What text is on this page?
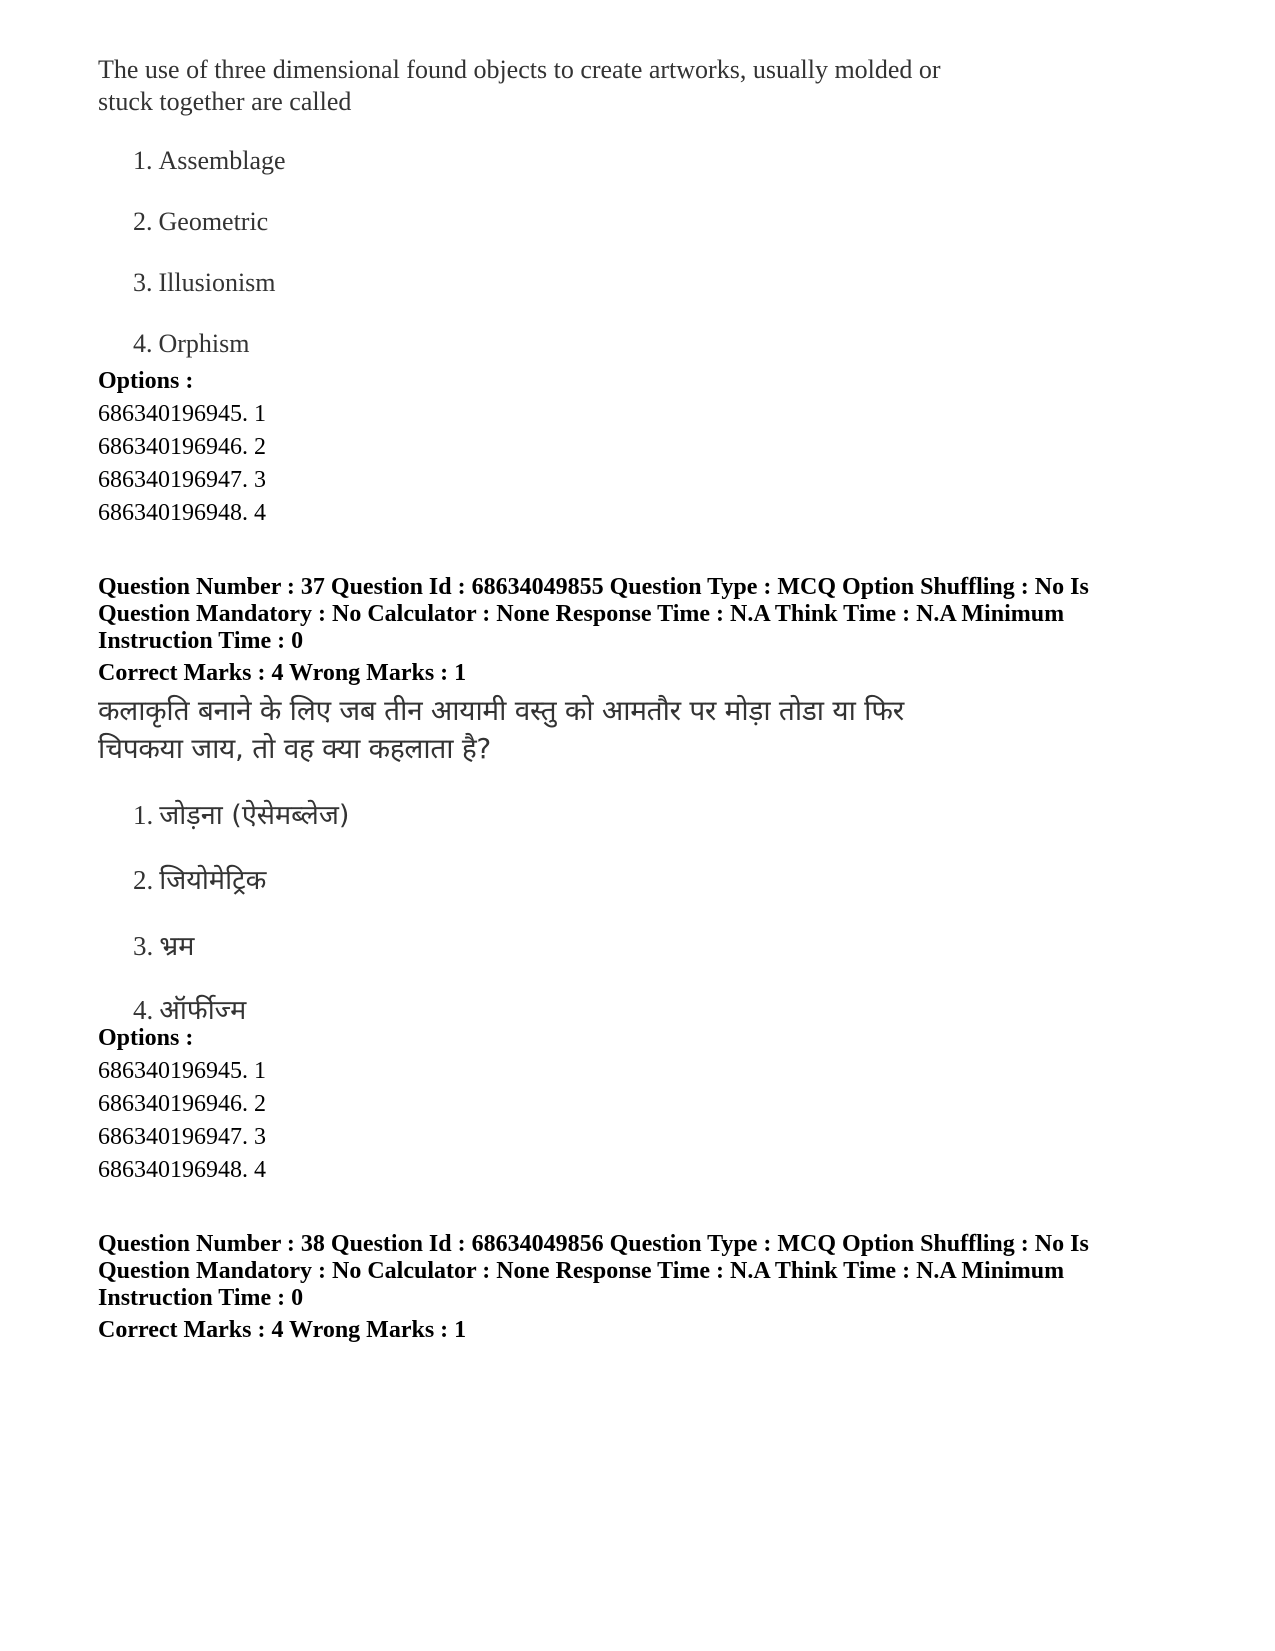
The use of three dimensional found objects to create artworks, usually molded or
stuck together are called
1. Assemblage
2. Geometric
3. Illusionism
4. Orphism
Options :
686340196945. 1
686340196946. 2
686340196947. 3
686340196948. 4
Question Number : 37 Question Id : 68634049855 Question Type : MCQ Option Shuffling : No Is
Question Mandatory : No Calculator : None Response Time : N.A Think Time : N.A Minimum
Instruction Time : 0
Correct Marks : 4 Wrong Marks : 1
कलाकृति बनाने के लिए जब तीन आयामी वस्तु को आमतौर पर मोड़ा तोडा या फिर
चिपकया जाय, तो वह क्या कहलाता है?
1. जोड़ना (ऐसेमब्लेज)
2. जियोमेट्रिक
3. भ्रम
4. ऑर्फीज्म
Options :
686340196945. 1
686340196946. 2
686340196947. 3
686340196948. 4
Question Number : 38 Question Id : 68634049856 Question Type : MCQ Option Shuffling : No Is
Question Mandatory : No Calculator : None Response Time : N.A Think Time : N.A Minimum
Instruction Time : 0
Correct Marks : 4 Wrong Marks : 1
